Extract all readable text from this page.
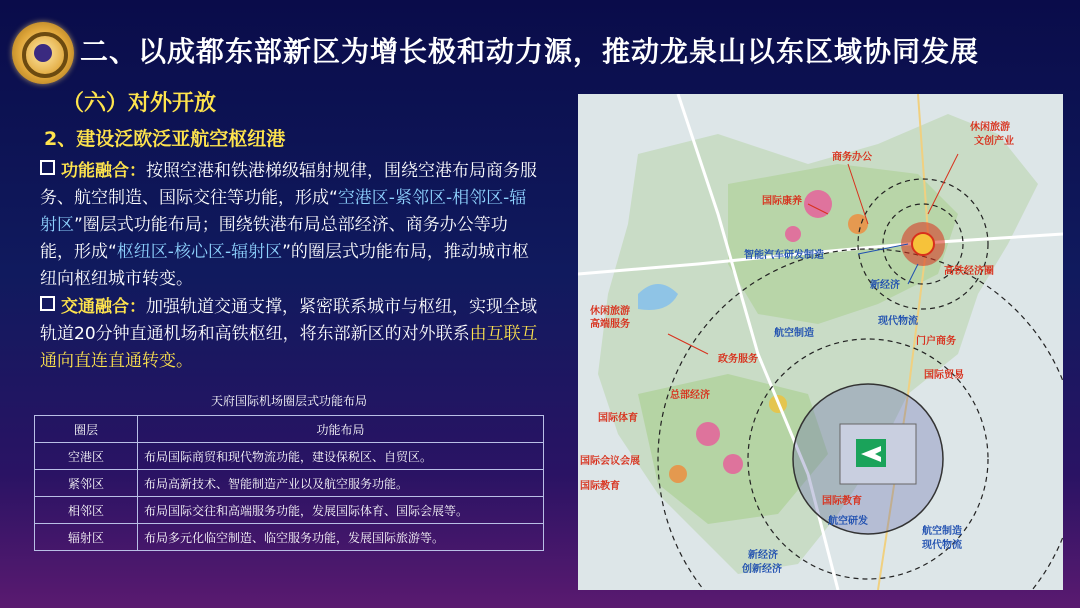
二、以成都东部新区为增长极和动力源，推动龙泉山以东区域协同发展
（六）对外开放
2、建设泛欧泛亚航空枢纽港
功能融合：按照空港和铁港梯级辐射规律，围绕空港布局商务服务、航空制造、国际交往等功能，形成“空港区-紧邻区-相邻区-辐射区”圈层式功能布局；围绕铁港布局总部经济、商务办公等功能，形成“枢纽区-核心区-辐射区”的圈层式功能布局，推动城市枢纽向枢纽城市转变。
交通融合：加强轨道交通支撑，紧密联系城市与枢纽，实现全域轨道20分钟直通机场和高铁枢纽，将东部新区的对外联系由互联互通向直连直通转变。
天府国际机场圈层式功能布局
圈层	功能布局
空港区	布局国际商贸和现代物流功能，建设保税区、自贸区。
紧邻区	布局高新技术、智能制造产业以及航空服务功能。
相邻区	布局国际交往和高端服务功能，发展国际体育、国际会展等。
辐射区	布局多元化临空制造、临空服务功能，发展国际旅游等。
休闲旅游
文创产业
商务办公
国际康养
智能汽车研发制造
高铁经济圈
新经济
休闲旅游
高端服务
航空制造
现代物流
门户商务
政务服务
国际贸易
总部经济
国际体育
国际会议会展
国际教育
国际教育
航空研发
航空制造
现代物流
新经济
创新经济
